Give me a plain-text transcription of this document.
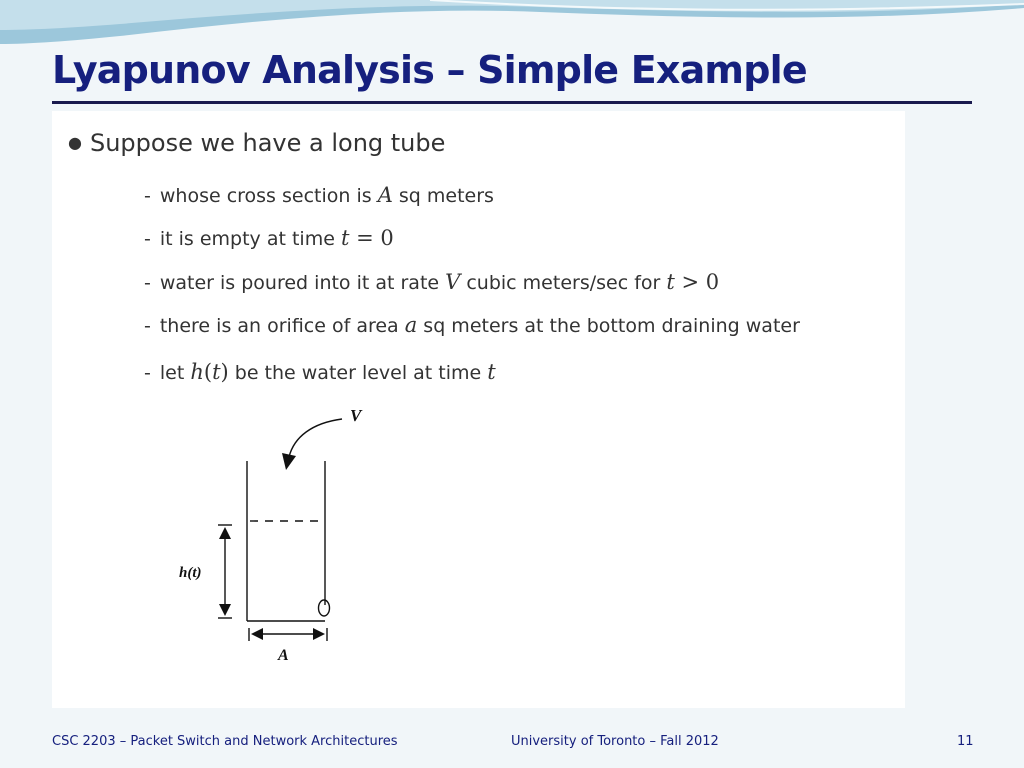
Lyapunov Analysis – Simple Example
● Suppose we have a long tube
- whose cross section is A sq meters
- it is empty at time t = 0
- water is poured into it at rate V cubic meters/sec for t > 0
- there is an orifice of area a sq meters at the bottom draining water
- let h(t) be the water level at time t
V
h(t)
A
CSC 2203 – Packet Switch and Network Architectures	University of Toronto – Fall 2012	11
